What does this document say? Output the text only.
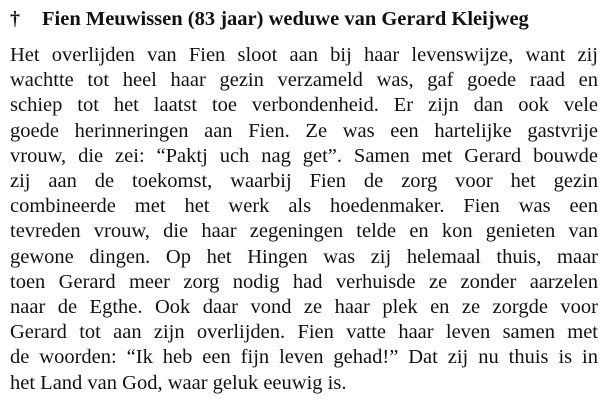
†	Fien Meuwissen (83 jaar) weduwe van Gerard Kleijweg
Het overlijden van Fien sloot aan bij haar levenswijze, want zij
wachtte tot heel haar gezin verzameld was, gaf goede raad en
schiep tot het laatst toe verbondenheid. Er zijn dan ook vele
goede herinneringen aan Fien. Ze was een hartelijke gastvrije
vrouw, die zei: “Paktj uch nag get”. Samen met Gerard bouwde
zij aan de toekomst, waarbij Fien de zorg voor het gezin
combineerde met het werk als hoedenmaker. Fien was een
tevreden vrouw, die haar zegeningen telde en kon genieten van
gewone dingen. Op het Hingen was zij helemaal thuis, maar
toen Gerard meer zorg nodig had verhuisde ze zonder aarzelen
naar de Egthe. Ook daar vond ze haar plek en ze zorgde voor
Gerard tot aan zijn overlijden. Fien vatte haar leven samen met
de woorden: “Ik heb een fijn leven gehad!” Dat zij nu thuis is in
het Land van God, waar geluk eeuwig is.
